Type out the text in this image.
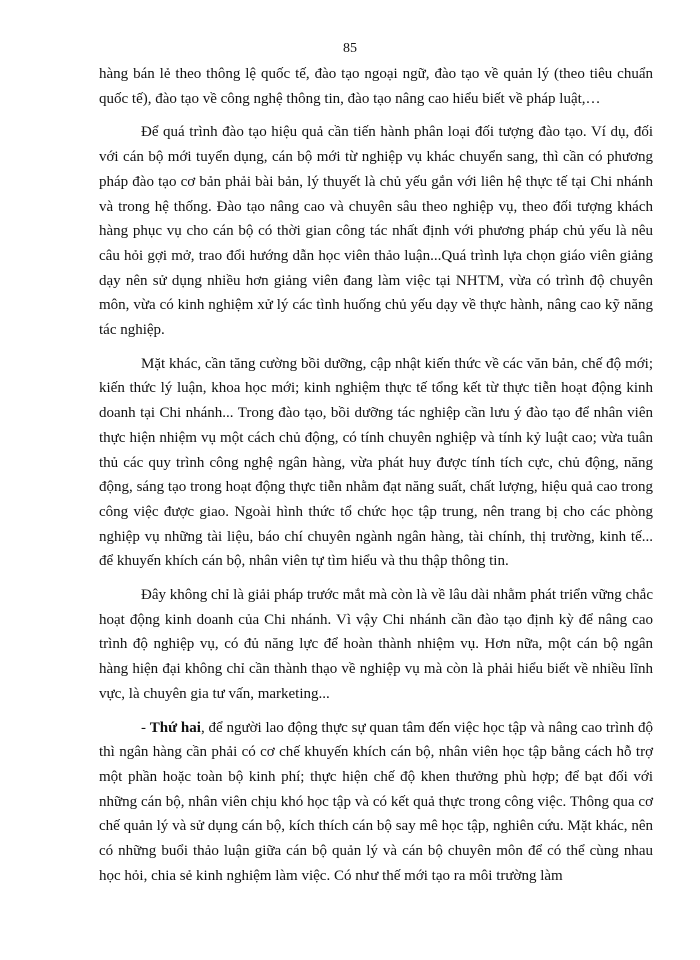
85

hàng bán lẻ theo thông lệ quốc tế, đào tạo ngoại ngữ, đào tạo về quản lý (theo tiêu chuẩn quốc tế), đào tạo về công nghệ thông tin, đào tạo nâng cao hiểu biết về pháp luật,…

Để quá trình đào tạo hiệu quả cần tiến hành phân loại đối tượng đào tạo. Ví dụ, đối với cán bộ mới tuyển dụng, cán bộ mới từ nghiệp vụ khác chuyển sang, thì cần có phương pháp đào tạo cơ bản phải bài bản, lý thuyết là chủ yếu gắn với liên hệ thực tế tại Chi nhánh và trong hệ thống. Đào tạo nâng cao và chuyên sâu theo nghiệp vụ, theo đối tượng khách hàng phục vụ cho cán bộ có thời gian công tác nhất định với phương pháp chủ yếu là nêu câu hỏi gợi mở, trao đổi hướng dẫn học viên thảo luận...Quá trình lựa chọn giáo viên giảng dạy nên sử dụng nhiều hơn giảng viên đang làm việc tại NHTM, vừa có trình độ chuyên môn, vừa có kinh nghiệm xử lý các tình huống chủ yếu dạy về thực hành, nâng cao kỹ năng tác nghiệp.

Mặt khác, cần tăng cường bồi dưỡng, cập nhật kiến thức về các văn bản, chế độ mới; kiến thức lý luận, khoa học mới; kinh nghiệm thực tế tổng kết từ thực tiễn hoạt động kinh doanh tại Chi nhánh... Trong đào tạo, bồi dưỡng tác nghiệp cần lưu ý đào tạo để nhân viên thực hiện nhiệm vụ một cách chủ động, có tính chuyên nghiệp và tính kỷ luật cao; vừa tuân thủ các quy trình công nghệ ngân hàng, vừa phát huy được tính tích cực, chủ động, năng động, sáng tạo trong hoạt động thực tiễn nhằm đạt năng suất, chất lượng, hiệu quả cao trong công việc được giao. Ngoài hình thức tổ chức học tập trung, nên trang bị cho các phòng nghiệp vụ những tài liệu, báo chí chuyên ngành ngân hàng, tài chính, thị trường, kinh tế... để khuyến khích cán bộ, nhân viên tự tìm hiểu và thu thập thông tin.

Đây không chỉ là giải pháp trước mắt mà còn là về lâu dài nhằm phát triển vững chắc hoạt động kinh doanh của Chi nhánh. Vì vậy Chi nhánh cần đào tạo định kỳ để nâng cao trình độ nghiệp vụ, có đủ năng lực để hoàn thành nhiệm vụ. Hơn nữa, một cán bộ ngân hàng hiện đại không chỉ cần thành thạo về nghiệp vụ mà còn là phải hiểu biết về nhiều lĩnh vực, là chuyên gia tư vấn, marketing...

- Thứ hai, để người lao động thực sự quan tâm đến việc học tập và nâng cao trình độ thì ngân hàng cần phải có cơ chế khuyến khích cán bộ, nhân viên học tập bằng cách hỗ trợ một phần hoặc toàn bộ kinh phí; thực hiện chế độ khen thưởng phù hợp; để bạt đối với những cán bộ, nhân viên chịu khó học tập và có kết quả thực trong công việc. Thông qua cơ chế quản lý và sử dụng cán bộ, kích thích cán bộ say mê học tập, nghiên cứu. Mặt khác, nên có những buổi thảo luận giữa cán bộ quản lý và cán bộ chuyên môn để có thể cùng nhau học hỏi, chia sẻ kinh nghiệm làm việc. Có như thế mới tạo ra môi trường làm
